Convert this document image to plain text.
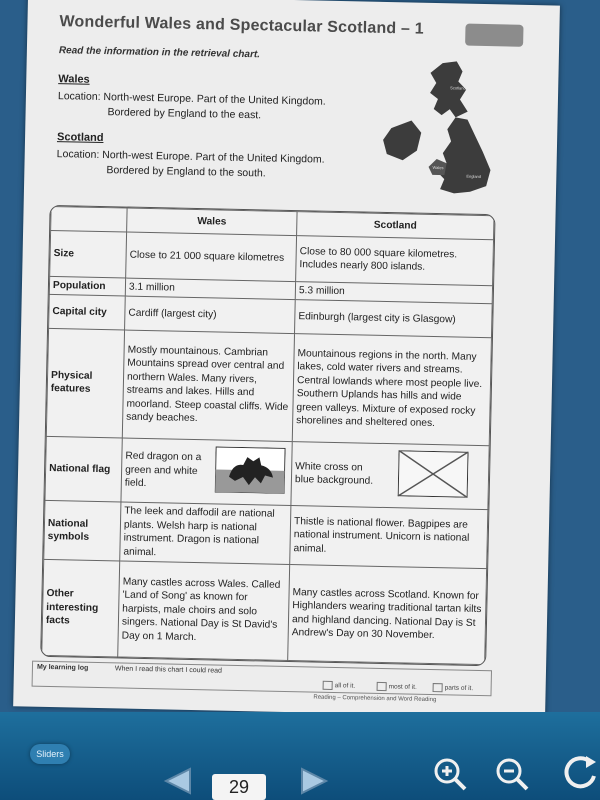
Wonderful Wales and Spectacular Scotland – 1
Read the information in the retrieval chart.
Wales
Location: North-west Europe. Part of the United Kingdom.
Bordered by England to the east.
Scotland
Location: North-west Europe. Part of the United Kingdom.
Bordered by England to the south.
Scotland
England
Wales
	Wales	Scotland
Size	Close to 21 000 square kilometres	Close to 80 000 square kilometres. Includes nearly 800 islands.
Population	3.1 million	5.3 million
Capital city	Cardiff (largest city)	Edinburgh (largest city is Glasgow)
Physical features	Mostly mountainous. Cambrian Mountains spread over central and northern Wales. Many rivers, streams and lakes. Hills and moorland. Steep coastal cliffs. Wide sandy beaches.	Mountainous regions in the north. Many lakes, cold water rivers and streams. Central lowlands where most people live. Southern Uplands has hills and wide green valleys. Mixture of exposed rocky shorelines and sheltered ones.
National flag	Red dragon on a green and white field.	White cross on blue background.

National symbols	The leek and daffodil are national plants. Welsh harp is national instrument. Dragon is national animal.	Thistle is national flower. Bagpipes are national instrument. Unicorn is national animal.
Other interesting facts	Many castles across Wales. Called 'Land of Song' as known for harpists, male choirs and solo singers. National Day is St David's Day on 1 March.	Many castles across Scotland. Known for Highlanders wearing traditional tartan kilts and highland dancing. National Day is St Andrew's Day on 30 November.
My learning log	When I read this chart I could read
all of it.	most of it.	parts of it.
Reading – Comprehension and Word Reading
Sliders
29
